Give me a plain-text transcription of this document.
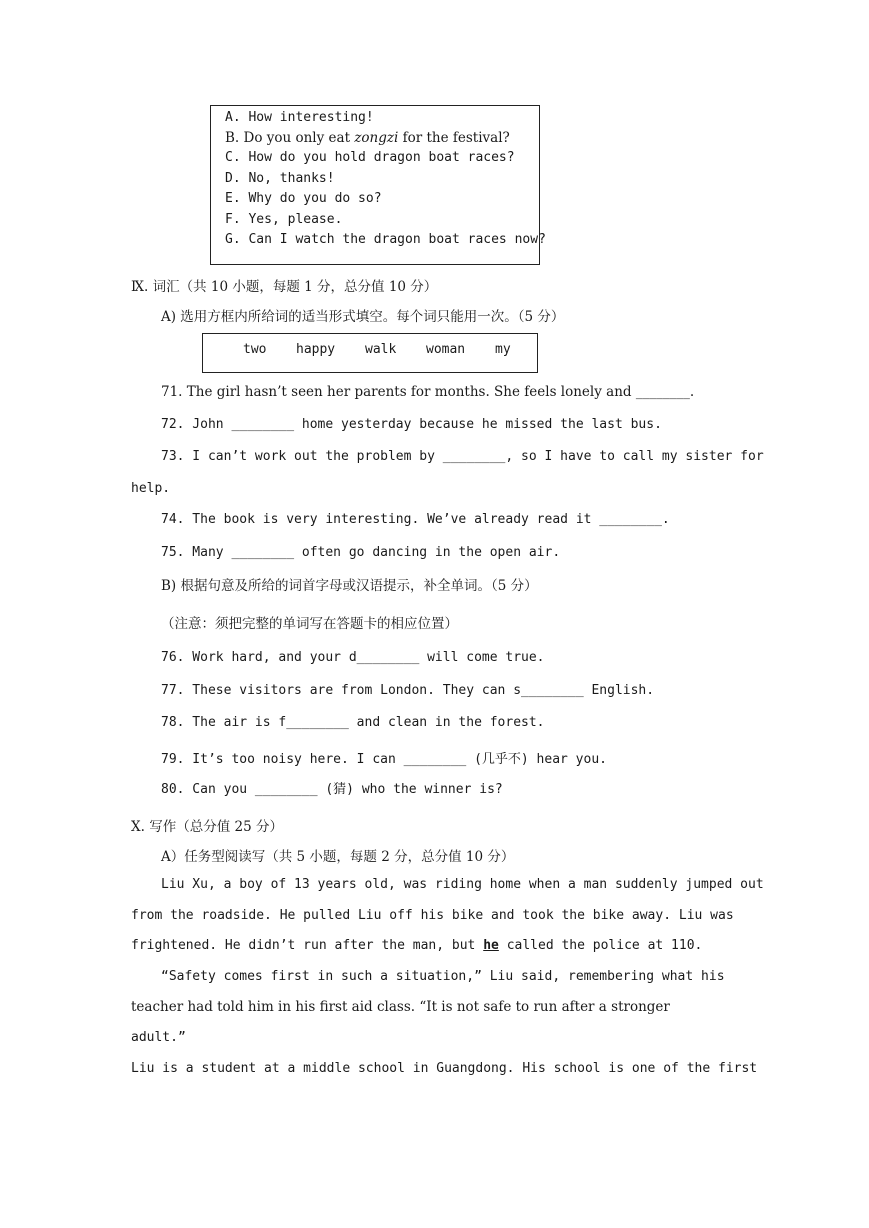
A. How interesting!
B. Do you only eat zongzi for the festival?
C. How do you hold dragon boat races?
D. No, thanks!
E. Why do you do so?
F. Yes, please.
G. Can I watch the dragon boat races now?
Ⅸ. 词汇（共 10 小题，每题 1 分，总分值 10 分）
A) 选用方框内所给词的适当形式填空。每个词只能用一次。（5 分）
two happy walk woman my
71. The girl hasn’t seen her parents for months. She feels lonely and ________.
72. John ________ home yesterday because he missed the last bus.
73. I can’t work out the problem by ________, so I have to call my sister for
help.
74. The book is very interesting. We’ve already read it ________.
75. Many ________ often go dancing in the open air.
B) 根据句意及所给的词首字母或汉语提示，补全单词。（5 分）
（注意：须把完整的单词写在答题卡的相应位置）
76. Work hard, and your d________ will come true.
77. These visitors are from London. They can s________ English.
78. The air is f________ and clean in the forest.
79. It’s too noisy here. I can ________ (几乎不) hear you.
80. Can you ________ (猜) who the winner is?
Ⅹ. 写作（总分值 25 分）
A）任务型阅读写（共 5 小题，每题 2 分，总分值 10 分）
Liu Xu, a boy of 13 years old, was riding home when a man suddenly jumped out
from the roadside. He pulled Liu off his bike and took the bike away. Liu was
frightened. He didn’t run after the man, but he called the police at 110.
“Safety comes first in such a situation,” Liu said, remembering what his
teacher had told him in his first aid class. “It is not safe to run after a stronger
adult.”
Liu is a student at a middle school in Guangdong. His school is one of the first
